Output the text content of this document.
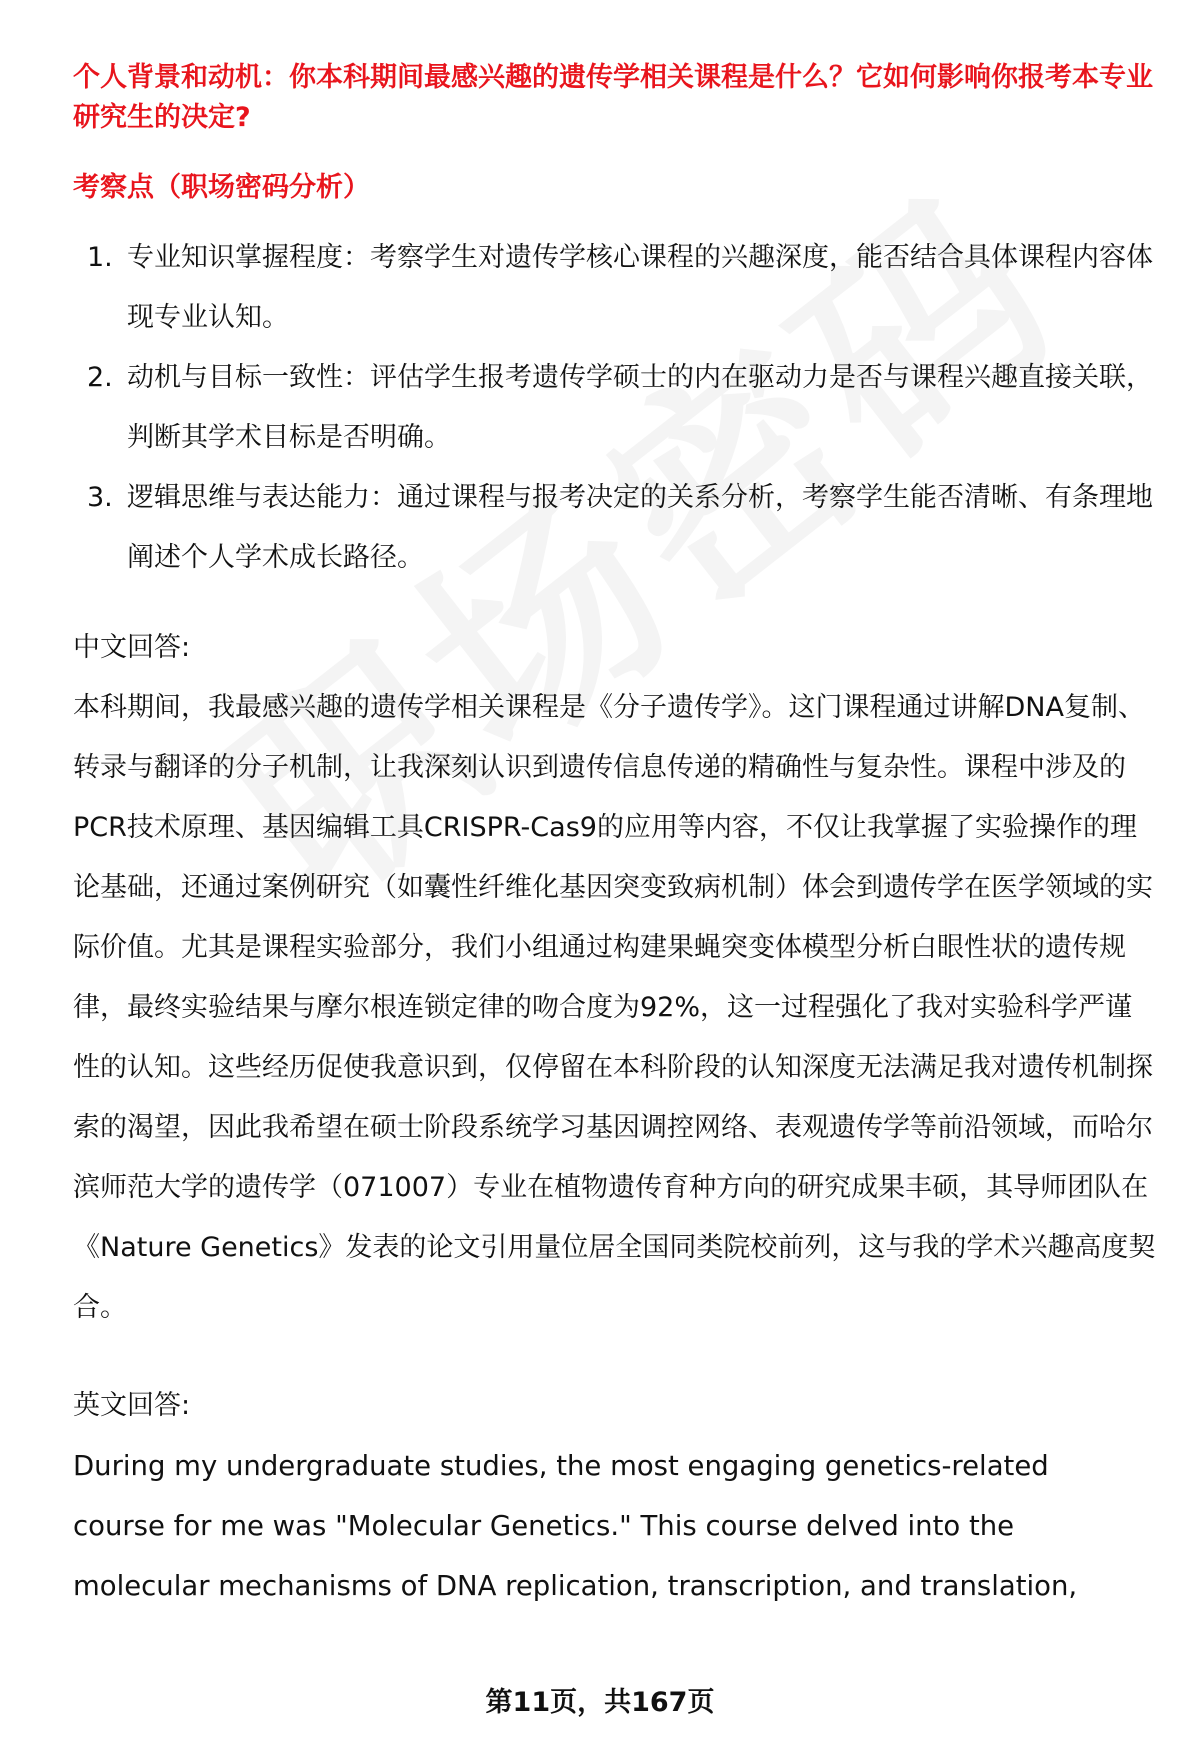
个人背景和动机：你本科期间最感兴趣的遗传学相关课程是什么？它如何影响你报考本专业研究生的决定?

考察点（职场密码分析）

1. 专业知识掌握程度：考察学生对遗传学核心课程的兴趣深度，能否结合具体课程内容体现专业认知。
2. 动机与目标一致性：评估学生报考遗传学硕士的内在驱动力是否与课程兴趣直接关联，判断其学术目标是否明确。
3. 逻辑思维与表达能力：通过课程与报考决定的关系分析，考察学生能否清晰、有条理地阐述个人学术成长路径。

中文回答:

本科期间，我最感兴趣的遗传学相关课程是《分子遗传学》。这门课程通过讲解DNA复制、转录与翻译的分子机制，让我深刻认识到遗传信息传递的精确性与复杂性。课程中涉及的PCR技术原理、基因编辑工具CRISPR-Cas9的应用等内容，不仅让我掌握了实验操作的理论基础，还通过案例研究（如囊性纤维化基因突变致病机制）体会到遗传学在医学领域的实际价值。尤其是课程实验部分，我们小组通过构建果蝇突变体模型分析白眼性状的遗传规律，最终实验结果与摩尔根连锁定律的吻合度为92%，这一过程强化了我对实验科学严谨性的认知。这些经历促使我意识到，仅停留在本科阶段的认知深度无法满足我对遗传机制探索的渴望，因此我希望在硕士阶段系统学习基因调控网络、表观遗传学等前沿领域，而哈尔滨师范大学的遗传学（071007）专业在植物遗传育种方向的研究成果丰硕，其导师团队在《Nature Genetics》发表的论文引用量位居全国同类院校前列，这与我的学术兴趣高度契合。

英文回答:

During my undergraduate studies, the most engaging genetics-related course for me was "Molecular Genetics." This course delved into the molecular mechanisms of DNA replication, transcription, and translation,

第11页，共167页
